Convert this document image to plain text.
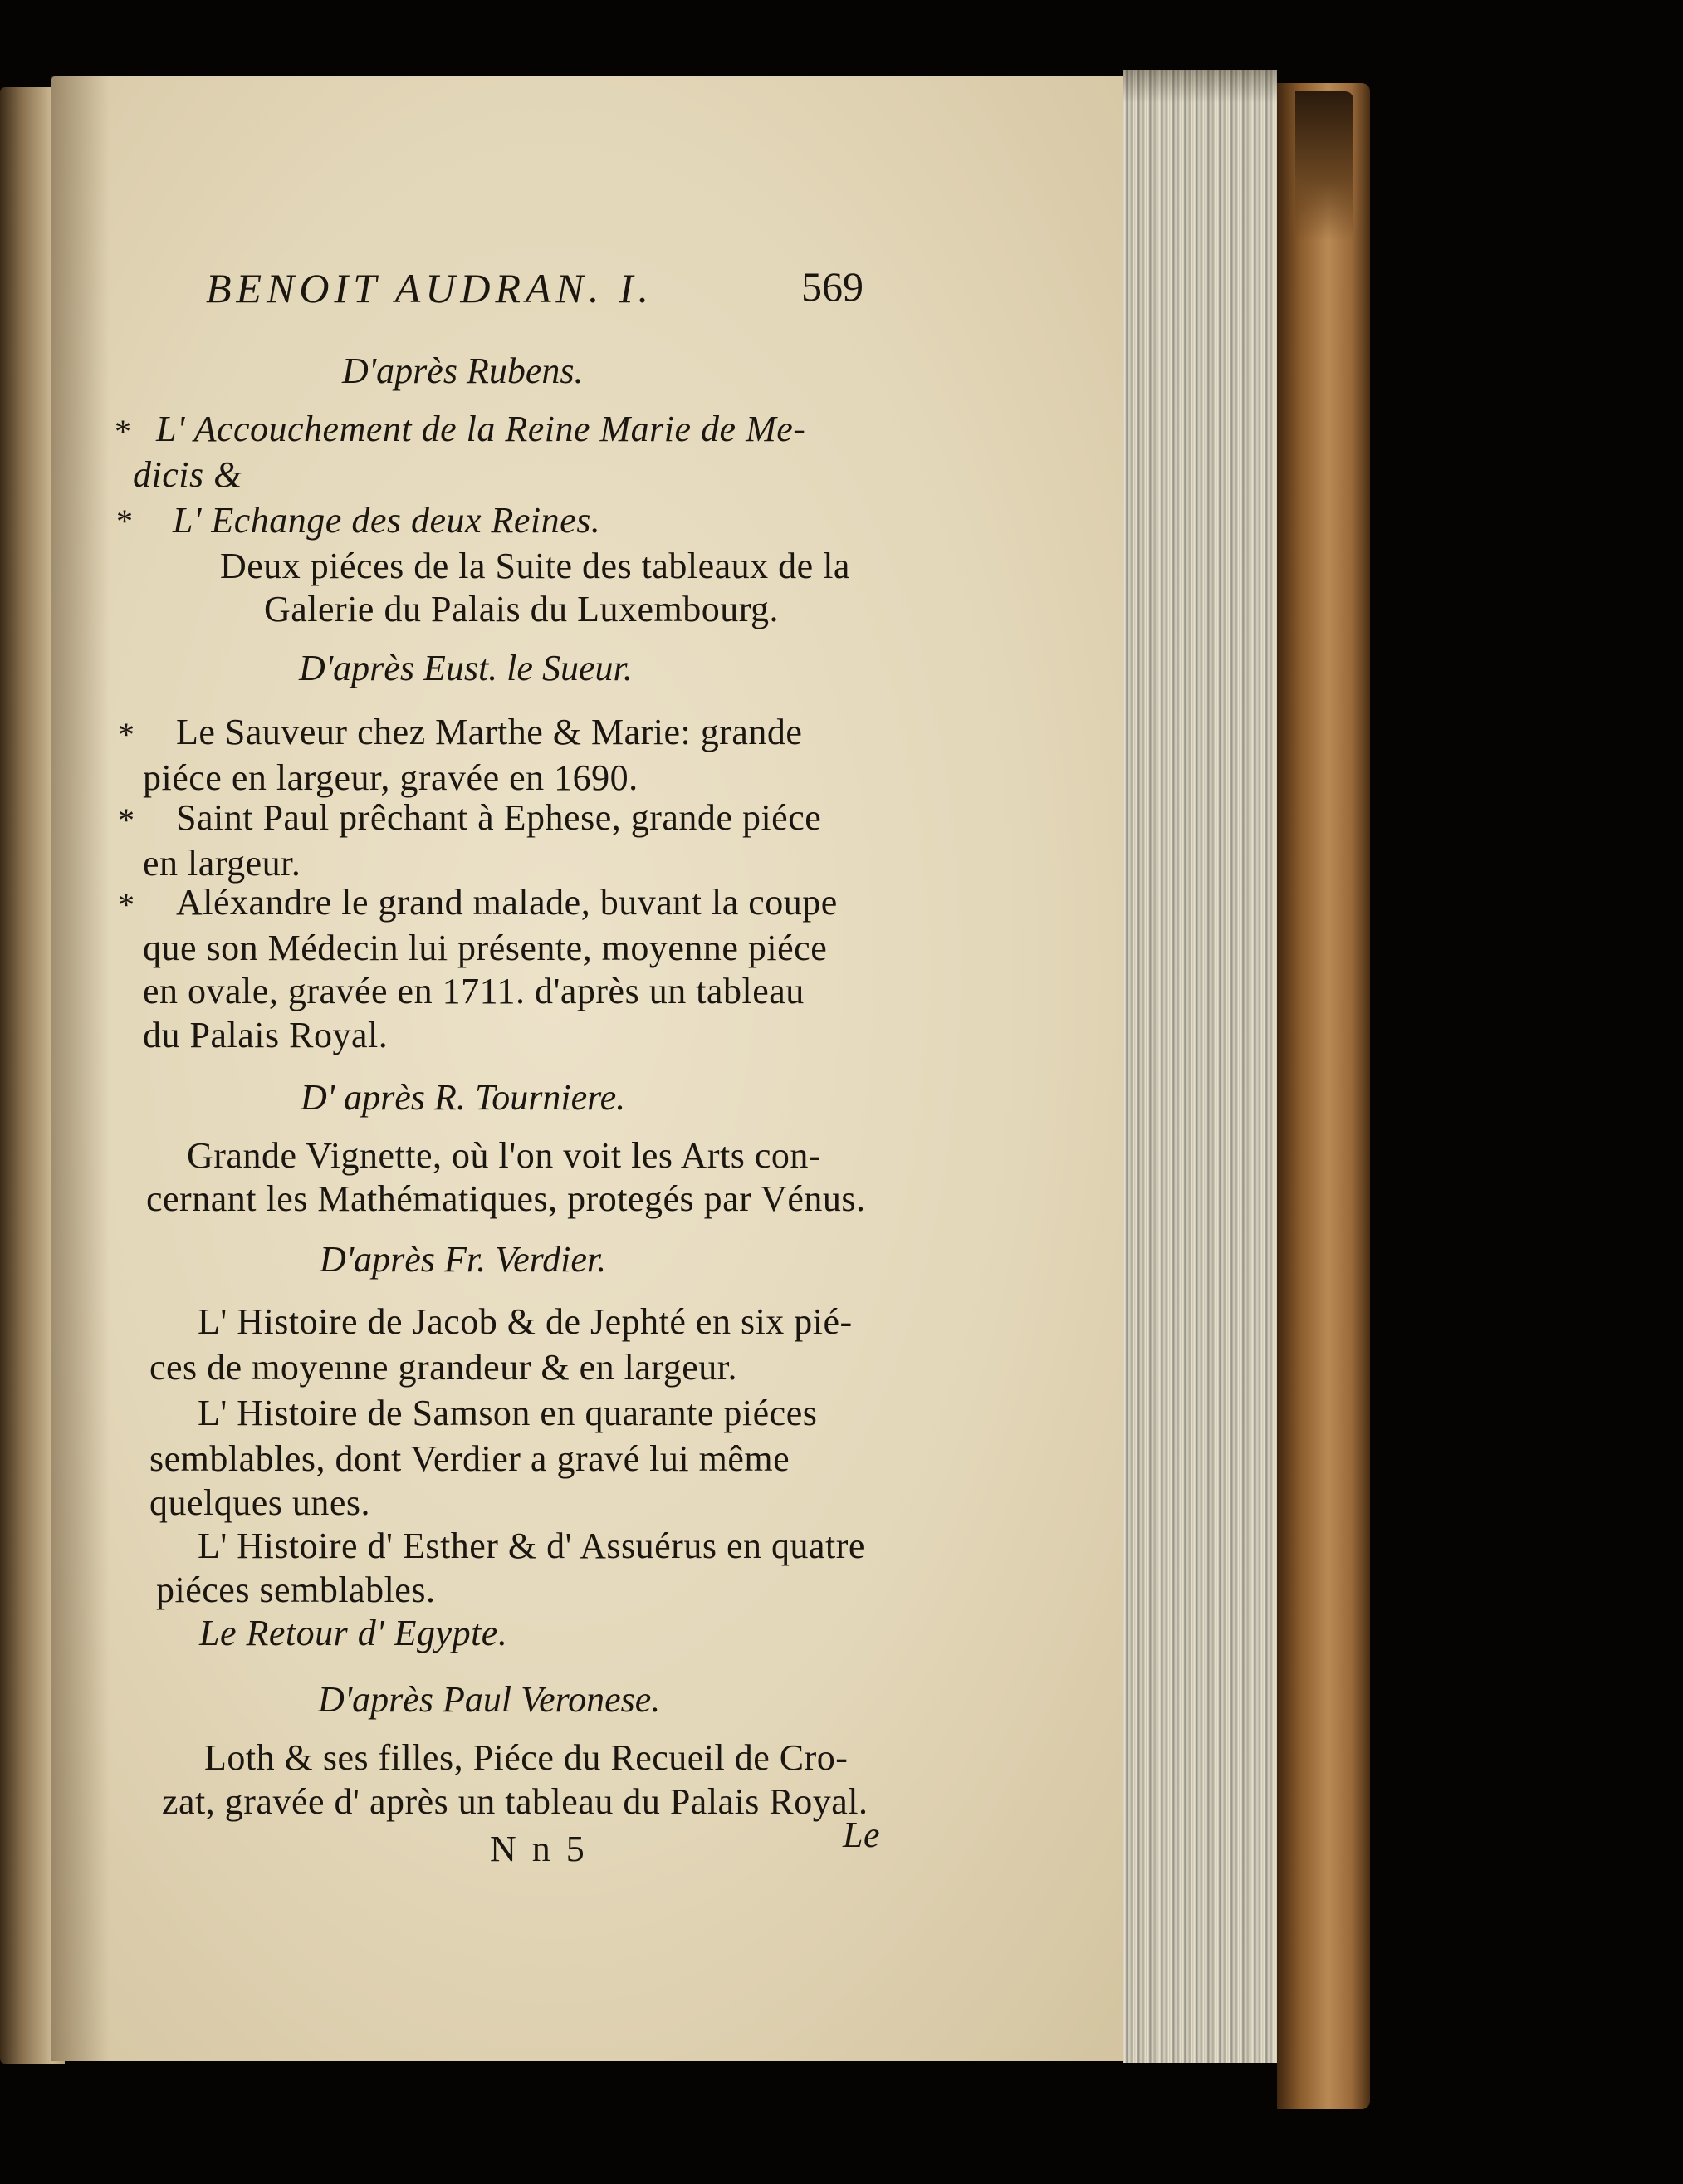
BENOIT AUDRAN. I.	569
D'après Rubens.
* L' Accouchement de la Reine Marie de Me-
dicis &
* L' Echange des deux Reines.
Deux piéces de la Suite des tableaux de la
Galerie du Palais du Luxembourg.
D'après Eust. le Sueur.
* Le Sauveur chez Marthe & Marie: grande
piéce en largeur, gravée en 1690.
* Saint Paul prêchant à Ephese, grande piéce
en largeur.
* Aléxandre le grand malade, buvant la coupe
que son Médecin lui présente, moyenne piéce
en ovale, gravée en 1711. d'après un tableau
du Palais Royal.
D' après R. Tourniere.
Grande Vignette, où l'on voit les Arts con-
cernant les Mathématiques, protegés par Vénus.
D'après Fr. Verdier.
L' Histoire de Jacob & de Jephté en six pié-
ces de moyenne grandeur & en largeur.
L' Histoire de Samson en quarante piéces
semblables, dont Verdier a gravé lui même
quelques unes.
L' Histoire d' Esther & d' Assuérus en quatre
piéces semblables.
Le Retour d' Egypte.
D'après Paul Veronese.
Loth & ses filles, Piéce du Recueil de Cro-
zat, gravée d' après un tableau du Palais Royal.
N n 5	Le
